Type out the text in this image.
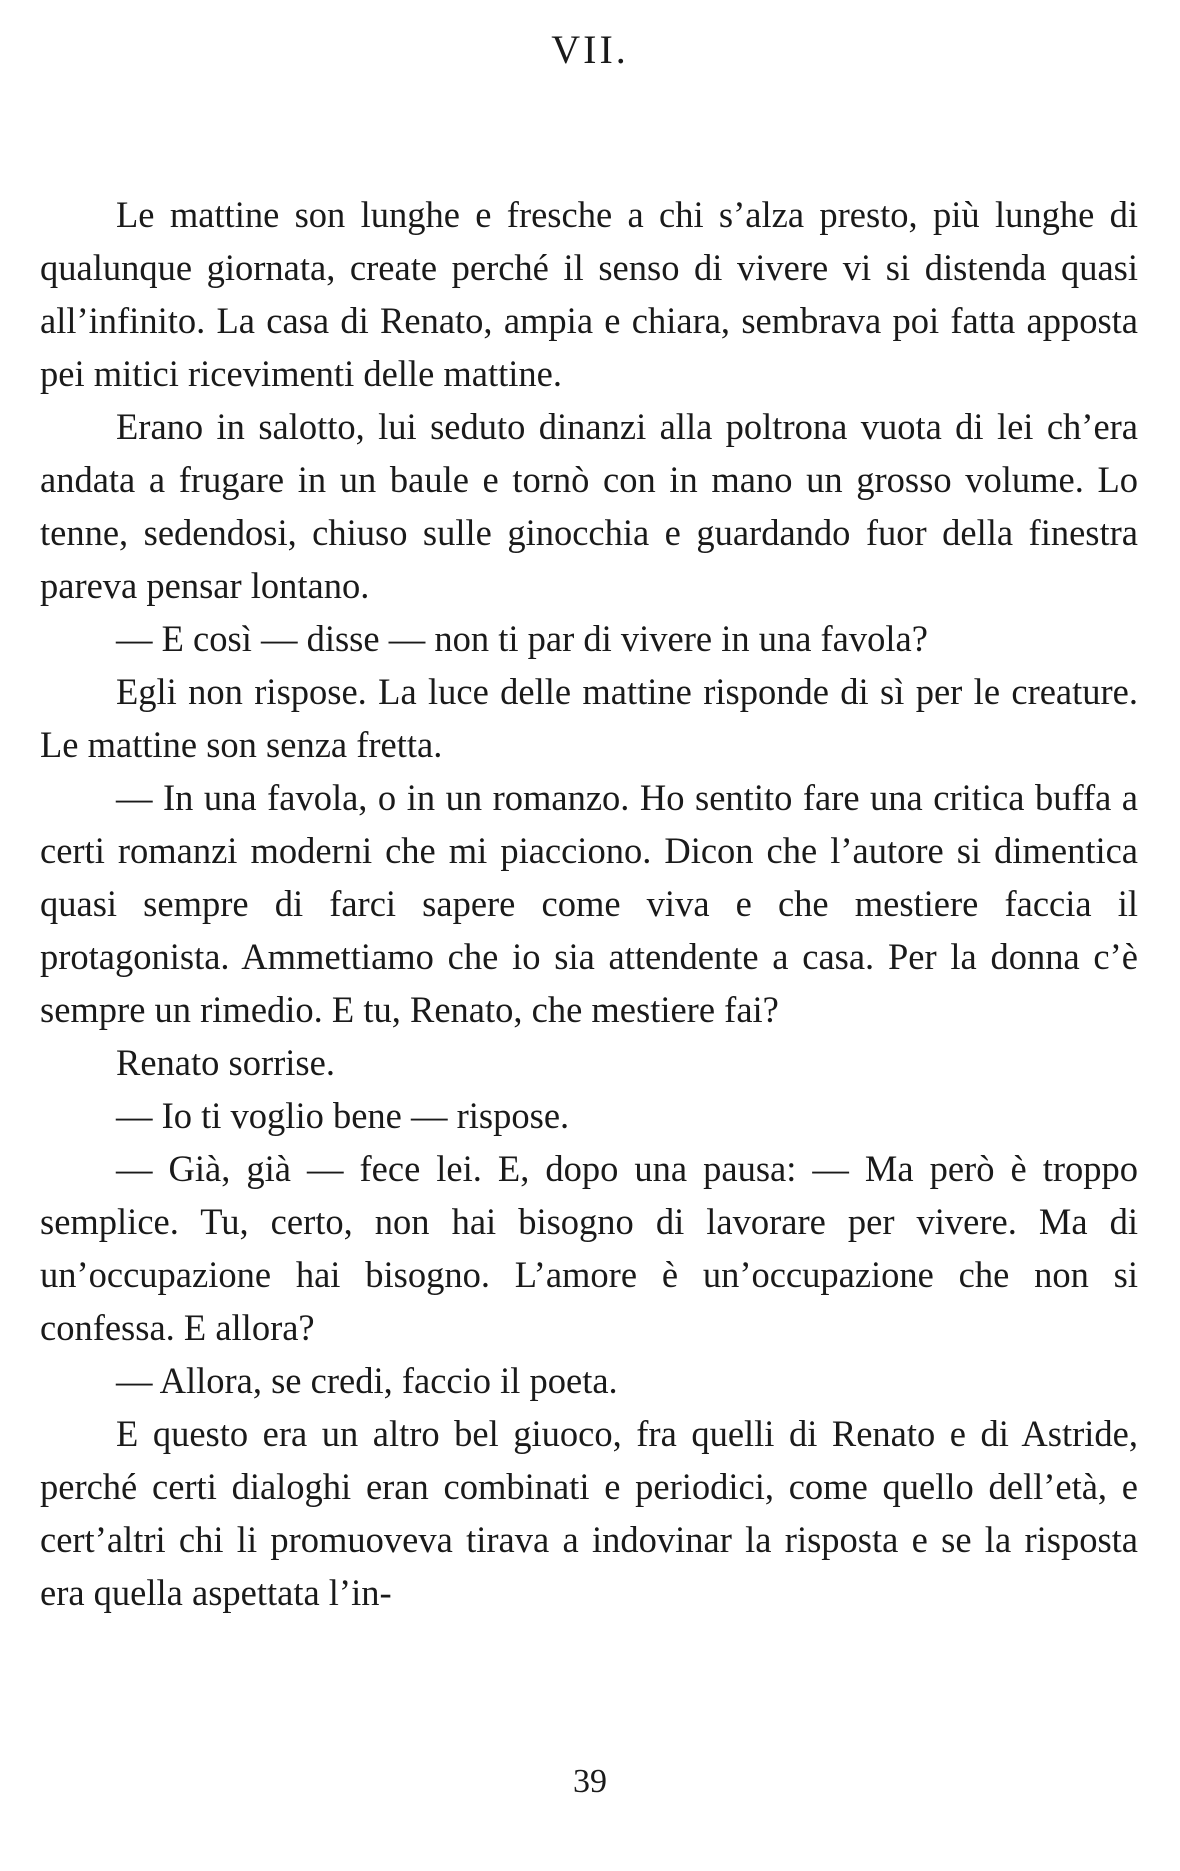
VII.

Le mattine son lunghe e fresche a chi s’alza presto, più lunghe di qualunque giornata, create perché il senso di vivere vi si distenda quasi all’infinito. La casa di Renato, ampia e chiara, sembrava poi fatta apposta pei mitici ricevimenti delle mattine.

Erano in salotto, lui seduto dinanzi alla poltrona vuota di lei ch’era andata a frugare in un baule e tornò con in mano un grosso volume. Lo tenne, sedendosi, chiuso sulle ginocchia e guardando fuor della finestra pareva pensar lontano.

— E così — disse — non ti par di vivere in una favola?

Egli non rispose. La luce delle mattine risponde di sì per le creature. Le mattine son senza fretta.

— In una favola, o in un romanzo. Ho sentito fare una critica buffa a certi romanzi moderni che mi piacciono. Dicon che l’autore si dimentica quasi sempre di farci sapere come viva e che mestiere faccia il protagonista. Ammettiamo che io sia attendente a casa. Per la donna c’è sempre un rimedio. E tu, Renato, che mestiere fai?

Renato sorrise.

— Io ti voglio bene — rispose.

— Già, già — fece lei. E, dopo una pausa: — Ma però è troppo semplice. Tu, certo, non hai bisogno di lavorare per vivere. Ma di un’occupazione hai bisogno. L’amore è un’occupazione che non si confessa. E allora?

— Allora, se credi, faccio il poeta.

E questo era un altro bel giuoco, fra quelli di Renato e di Astride, perché certi dialoghi eran combinati e periodici, come quello dell’età, e cert’altri chi li promuoveva tirava a indovinar la risposta e se la risposta era quella aspettata l’in-

39
